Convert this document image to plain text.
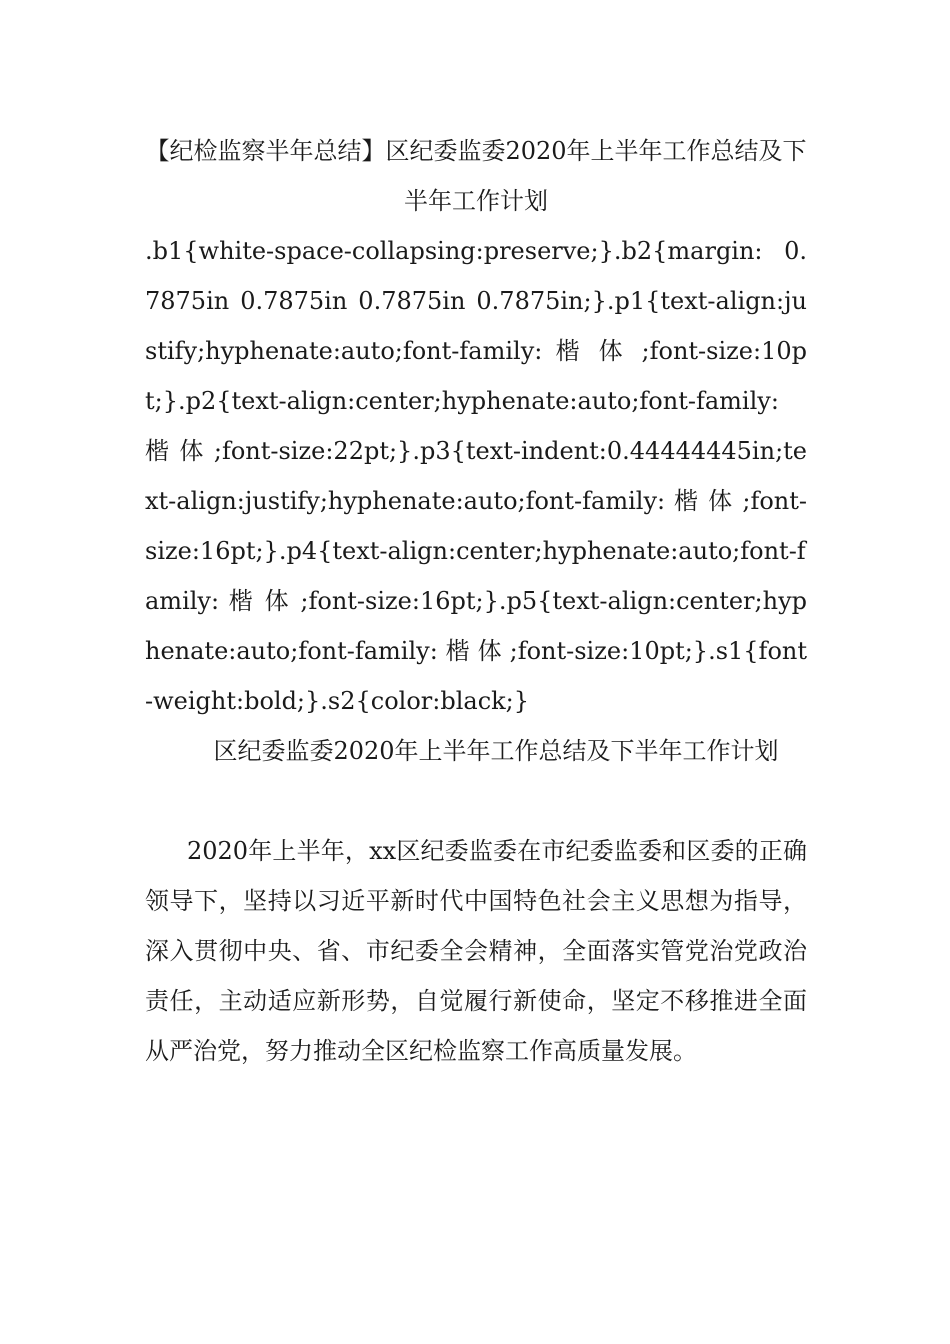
【纪检监察半年总结】区纪委监委2020年上半年工作总结及下半年工作计划

.b1{white-space-collapsing:preserve;}.b2{margin: 0.7875in 0.7875in 0.7875in 0.7875in;}.p1{text-align:justify;hyphenate:auto;font-family: 楷 体 ;font-size:10pt;}.p2{text-align:center;hyphenate:auto;font-family: 楷 体 ;font-size:22pt;}.p3{text-indent:0.44444445in;text-align:justify;hyphenate:auto;font-family: 楷 体 ;font-size:16pt;}.p4{text-align:center;hyphenate:auto;font-family: 楷 体 ;font-size:16pt;}.p5{text-align:center;hyphenate:auto;font-family: 楷 体 ;font-size:10pt;}.s1{font-weight:bold;}.s2{color:black;}

区纪委监委2020年上半年工作总结及下半年工作计划

2020年上半年，xx区纪委监委在市纪委监委和区委的正确领导下，坚持以习近平新时代中国特色社会主义思想为指导，深入贯彻中央、省、市纪委全会精神，全面落实管党治党政治责任，主动适应新形势，自觉履行新使命，坚定不移推进全面从严治党，努力推动全区纪检监察工作高质量发展。
